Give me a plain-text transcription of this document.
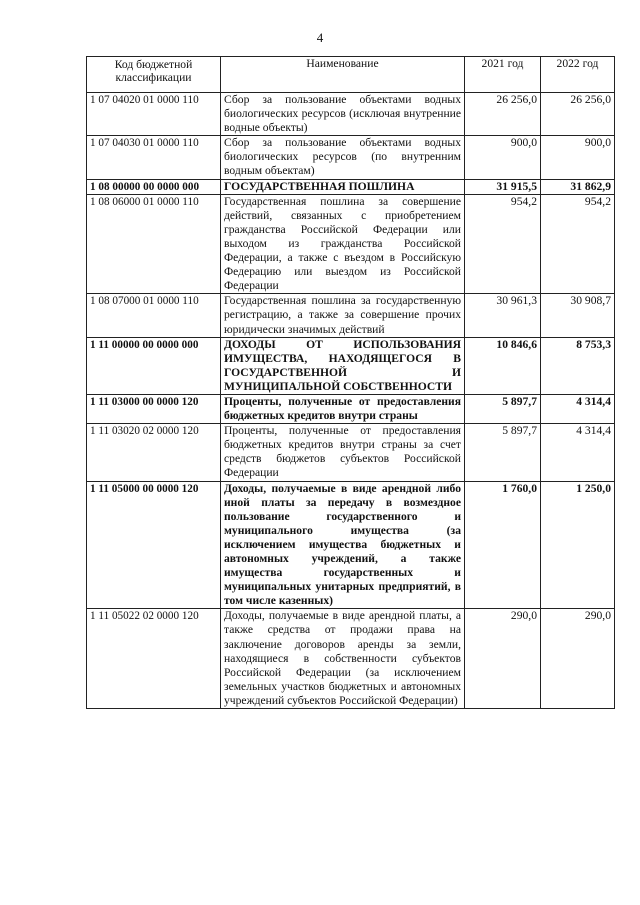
4
Код бюджетной классификации	Наименование	2021 год	2022 год
1 07 04020 01 0000 110	Сбор за пользование объектами водных биологических ресурсов (исключая внутренние водные объекты)	26 256,0	26 256,0
1 07 04030 01 0000 110	Сбор за пользование объектами водных биологических ресурсов (по внутренним водным объектам)	900,0	900,0
1 08 00000 00 0000 000	ГОСУДАРСТВЕННАЯ ПОШЛИНА	31 915,5	31 862,9
1 08 06000 01 0000 110	Государственная пошлина за совершение действий, связанных с приобретением гражданства Российской Федерации или выходом из гражданства Российской Федерации, а также с въездом в Российскую Федерацию или выездом из Российской Федерации	954,2	954,2
1 08 07000 01 0000 110	Государственная пошлина за государственную регистрацию, а также за совершение прочих юридически значимых действий	30 961,3	30 908,7
1 11 00000 00 0000 000	ДОХОДЫ ОТ ИСПОЛЬЗОВАНИЯ ИМУЩЕСТВА, НАХОДЯЩЕГОСЯ В ГОСУДАРСТВЕННОЙ И МУНИЦИПАЛЬНОЙ СОБСТВЕННОСТИ	10 846,6	8 753,3
1 11 03000 00 0000 120	Проценты, полученные от предоставления бюджетных кредитов внутри страны	5 897,7	4 314,4
1 11 03020 02 0000 120	Проценты, полученные от предоставления бюджетных кредитов внутри страны за счет средств бюджетов субъектов Российской Федерации	5 897,7	4 314,4
1 11 05000 00 0000 120	Доходы, получаемые в виде арендной либо иной платы за передачу в возмездное пользование государственного и муниципального имущества (за исключением имущества бюджетных и автономных учреждений, а также имущества государственных и муниципальных унитарных предприятий, в том числе казенных)	1 760,0	1 250,0
1 11 05022 02 0000 120	Доходы, получаемые в виде арендной платы, а также средства от продажи права на заключение договоров аренды за земли, находящиеся в собственности субъектов Российской Федерации (за исключением земельных участков бюджетных и автономных учреждений субъектов Российской Федерации)	290,0	290,0
